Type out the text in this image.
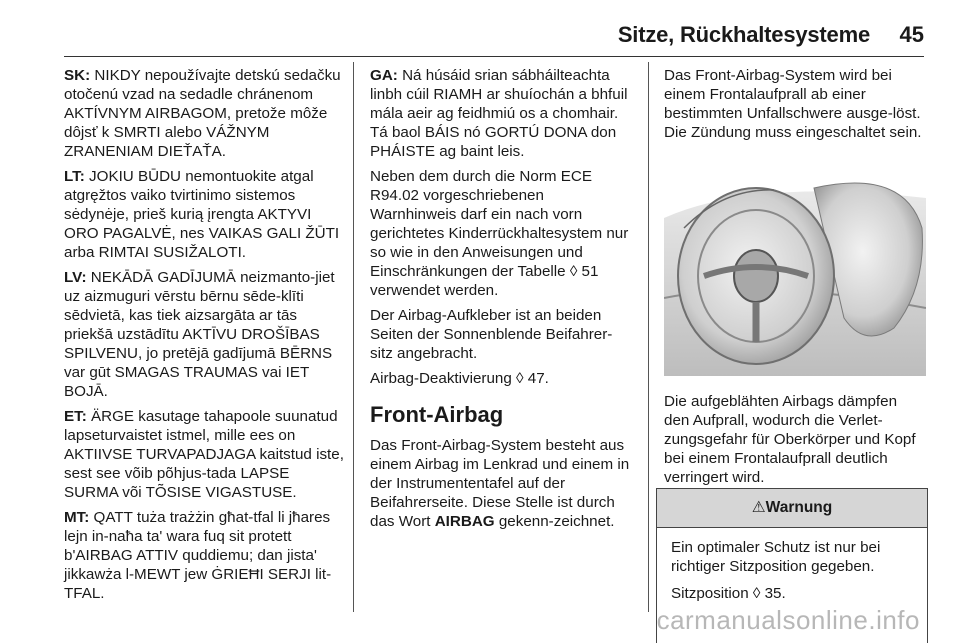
Sitze, Rückhaltesysteme 45

SK: NIKDY nepoužívajte detskú sedačku otočenú vzad na sedadle chránenom AKTÍVNYM AIRBAGOM, pretože môže dôjsť k SMRTI alebo VÁŽNYM ZRANENIAM DIEŤAŤA.

LT: JOKIU BŪDU nemontuokite atgal atgręžtos vaiko tvirtinimo sistemos sėdynėje, prieš kurią įrengta AKTYVI ORO PAGALVĖ, nes VAIKAS GALI ŽŪTI arba RIMTAI SUSIŽALOTI.

LV: NEKĀDĀ GADĪJUMĀ neizmanto-jiet uz aizmuguri vērstu bērnu sēde-klīti sēdvietā, kas tiek aizsargāta ar tās priekšā uzstādītu AKTĪVU DROŠĪBAS SPILVENU, jo pretējā gadījumā BĒRNS var gūt SMAGAS TRAUMAS vai IET BOJĀ.

ET: ÄRGE kasutage tahapoole suunatud lapseturvaistet istmel, mille ees on AKTIIVSE TURVAPADJAGA kaitstud iste, sest see võib põhjus-tada LAPSE SURMA või TÕSISE VIGASTUSE.

MT: QATT tuża trażżin għat-tfal li jħares lejn in-naħa ta' wara fuq sit protett b'AIRBAG ATTIV quddiemu; dan jista' jikkawża l-MEWT jew ĠRIEĦI SERJI lit-TFAL.

GA: Ná húsáid srian sábháilteachta linbh cúil RIAMH ar shuíochán a bhfuil mála aeir ag feidhmiú os a chomhair. Tá baol BÁIS nó GORTÚ DONA don PHÁISTE ag baint leis.

Neben dem durch die Norm ECE R94.02 vorgeschriebenen Warnhinweis darf ein nach vorn gerichtetes Kinderrückhaltesystem nur so wie in den Anweisungen und Einschränkungen der Tabelle ◊ 51 verwendet werden.

Der Airbag-Aufkleber ist an beiden Seiten der Sonnenblende Beifahrer-sitz angebracht.

Airbag-Deaktivierung ◊ 47.

Front-Airbag

Das Front-Airbag-System besteht aus einem Airbag im Lenkrad und einem in der Instrumententafel auf der Beifahrerseite. Diese Stelle ist durch das Wort AIRBAG gekenn-zeichnet.

Das Front-Airbag-System wird bei einem Frontalaufprall ab einer bestimmten Unfallschwere ausge-löst. Die Zündung muss eingeschaltet sein.

Die aufgeblähten Airbags dämpfen den Aufprall, wodurch die Verlet-zungsgefahr für Oberkörper und Kopf bei einem Frontalaufprall deutlich verringert wird.

⚠Warnung

Ein optimaler Schutz ist nur bei richtiger Sitzposition gegeben.

Sitzposition ◊ 35.

carmanualsonline.info
